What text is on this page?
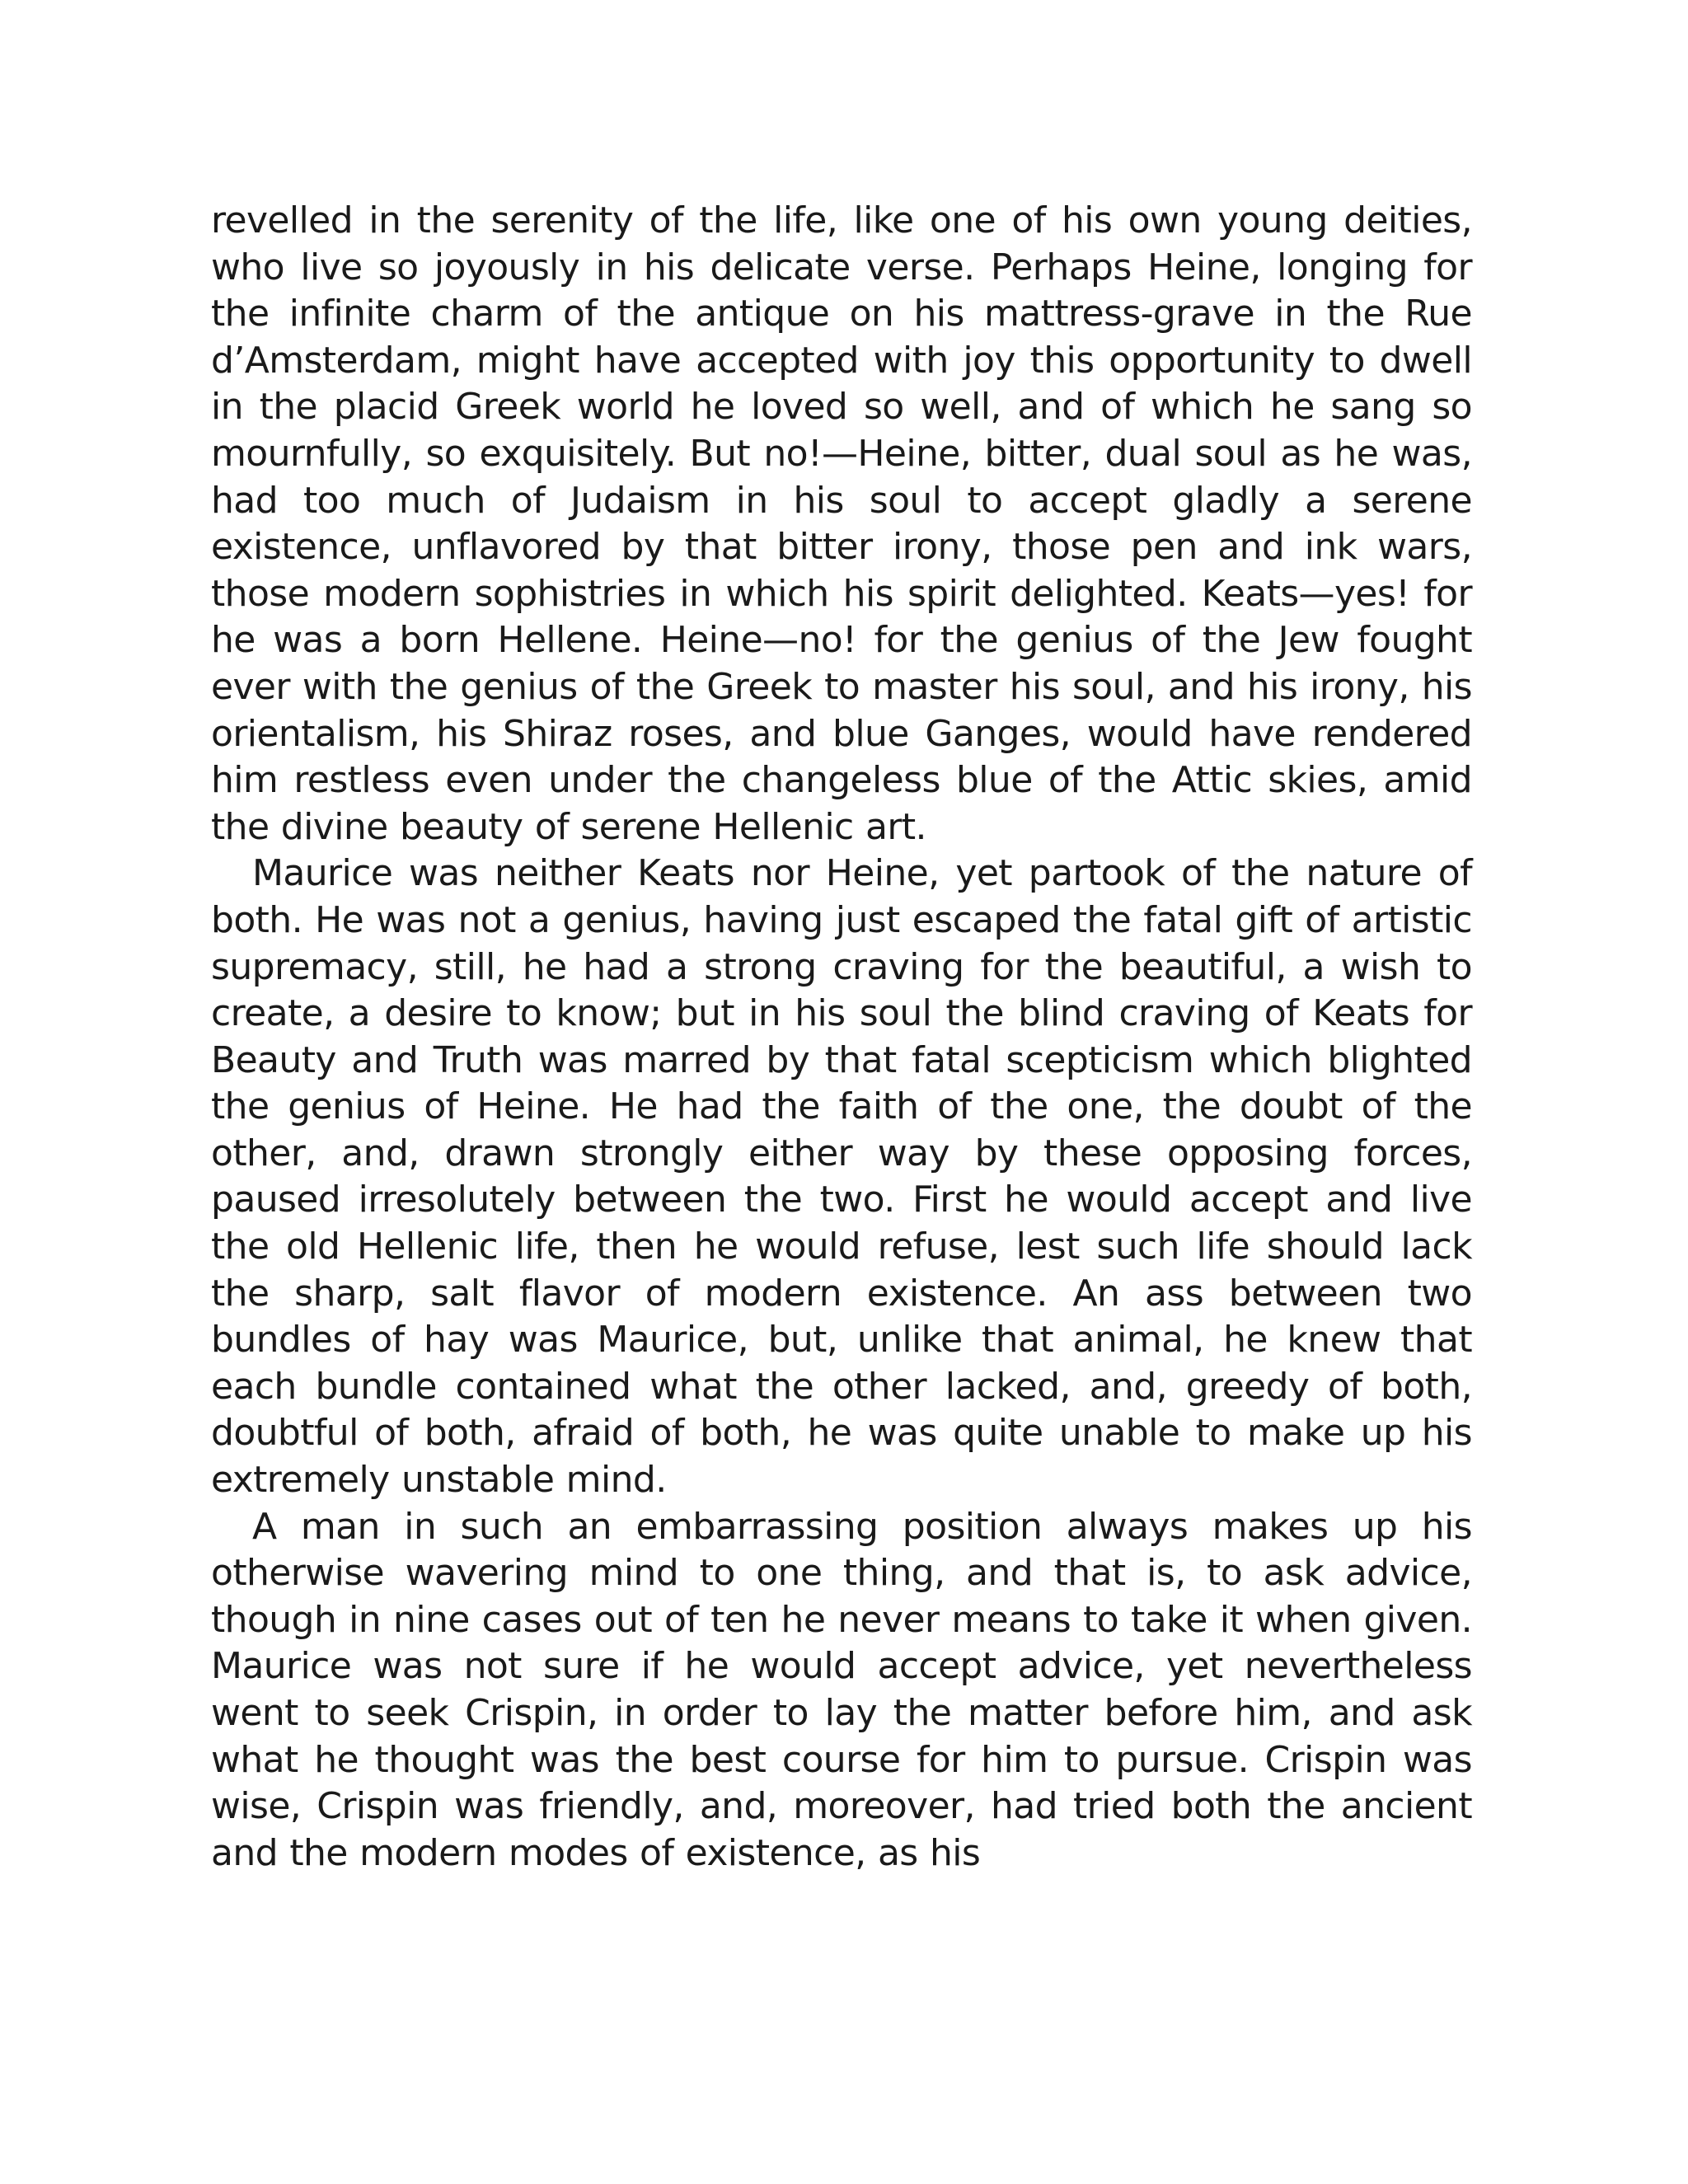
revelled in the serenity of the life, like one of his own young deities, who live so joyously in his delicate verse. Perhaps Heine, longing for the infinite charm of the antique on his mattress-grave in the Rue d’Amsterdam, might have accepted with joy this opportunity to dwell in the placid Greek world he loved so well, and of which he sang so mournfully, so exquisitely. But no!—Heine, bitter, dual soul as he was, had too much of Judaism in his soul to accept gladly a serene existence, unflavored by that bitter irony, those pen and ink wars, those modern sophistries in which his spirit delighted. Keats—yes! for he was a born Hellene. Heine—no! for the genius of the Jew fought ever with the genius of the Greek to master his soul, and his irony, his orientalism, his Shiraz roses, and blue Ganges, would have rendered him restless even under the changeless blue of the Attic skies, amid the divine beauty of serene Hellenic art.

Maurice was neither Keats nor Heine, yet partook of the nature of both. He was not a genius, having just escaped the fatal gift of artistic supremacy, still, he had a strong craving for the beautiful, a wish to create, a desire to know; but in his soul the blind craving of Keats for Beauty and Truth was marred by that fatal scepticism which blighted the genius of Heine. He had the faith of the one, the doubt of the other, and, drawn strongly either way by these opposing forces, paused irresolutely between the two. First he would accept and live the old Hellenic life, then he would refuse, lest such life should lack the sharp, salt flavor of modern existence. An ass between two bundles of hay was Maurice, but, unlike that animal, he knew that each bundle contained what the other lacked, and, greedy of both, doubtful of both, afraid of both, he was quite unable to make up his extremely unstable mind.

A man in such an embarrassing position always makes up his otherwise wavering mind to one thing, and that is, to ask advice, though in nine cases out of ten he never means to take it when given. Maurice was not sure if he would accept advice, yet nevertheless went to seek Crispin, in order to lay the matter before him, and ask what he thought was the best course for him to pursue. Crispin was wise, Crispin was friendly, and, moreover, had tried both the ancient and the modern modes of existence, as his
